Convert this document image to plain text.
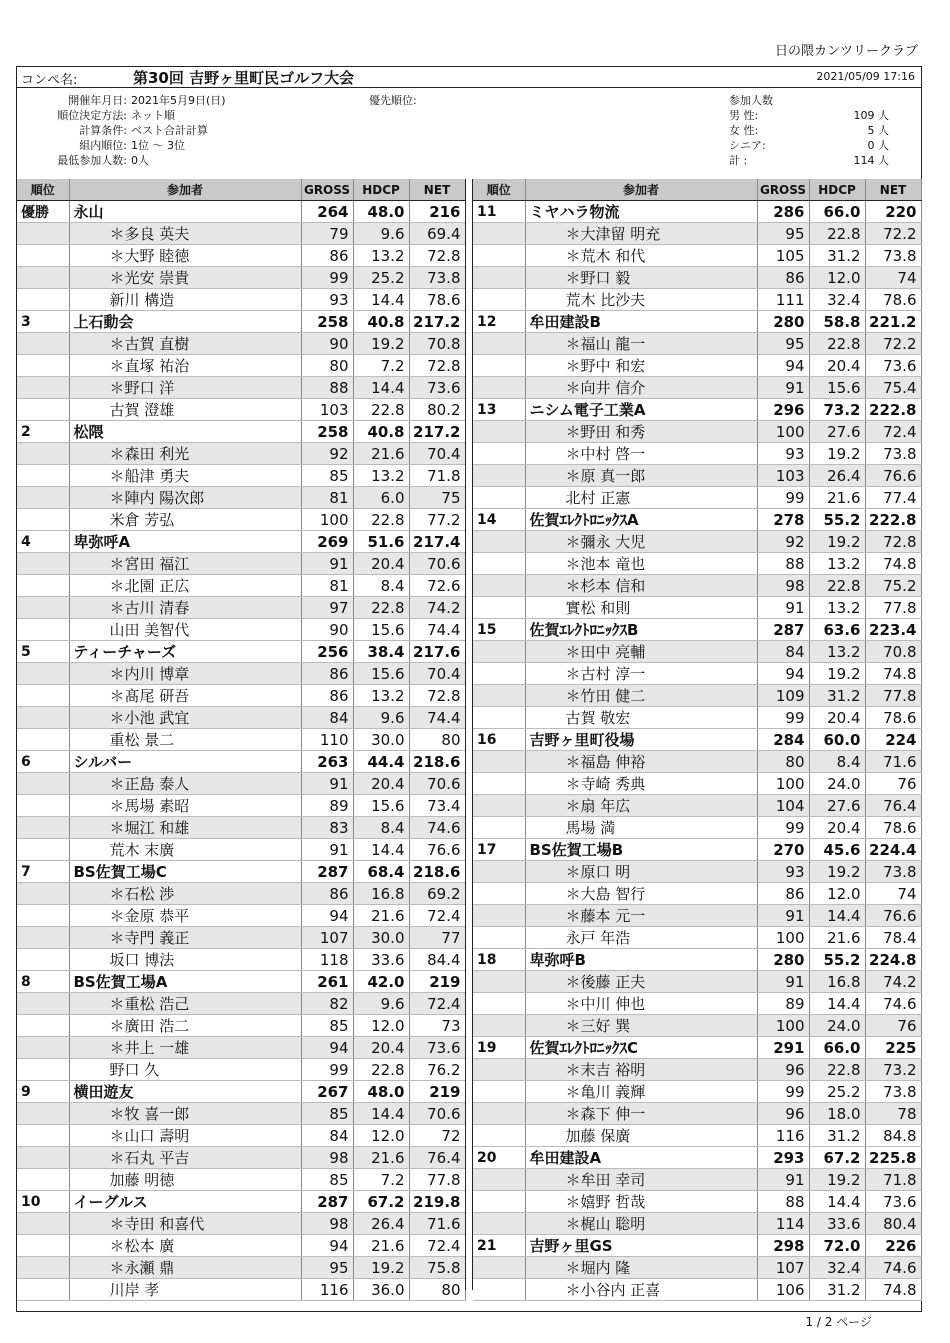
日の隈カンツリークラブ
コンペ名:	第30回 吉野ヶ里町民ゴルフ大会	2021/05/09 17:16
開催年月日: 2021年5月9日(日)
順位決定方法: ネット順
計算条件: ベスト合計計算
組内順位: 1位 ～ 3位
最低参加人数: 0人
優先順位:	参加人数
男 性:	109 人
女 性:	5 人
シニア:	0 人
計 :	114 人
順位	参加者	GROSS	HDCP	NET
優勝	永山	264	48.0	216
	＊多良 英夫	79	9.6	69.4
	＊大野 睦徳	86	13.2	72.8
	＊光安 崇貴	99	25.2	73.8
	新川 構造	93	14.4	78.6
3	上石動会	258	40.8	217.2
	＊古賀 直樹	90	19.2	70.8
	＊直塚 祐治	80	7.2	72.8
	＊野口 洋	88	14.4	73.6
	古賀 澄雄	103	22.8	80.2
2	松隈	258	40.8	217.2
	＊森田 利光	92	21.6	70.4
	＊船津 勇夫	85	13.2	71.8
	＊陣内 陽次郎	81	6.0	75
	米倉 芳弘	100	22.8	77.2
4	卑弥呼A	269	51.6	217.4
	＊宮田 福江	91	20.4	70.6
	＊北園 正広	81	8.4	72.6
	＊古川 清春	97	22.8	74.2
	山田 美智代	90	15.6	74.4
5	ティーチャーズ	256	38.4	217.6
	＊内川 博章	86	15.6	70.4
	＊髙尾 研吾	86	13.2	72.8
	＊小池 武宜	84	9.6	74.4
	重松 景二	110	30.0	80
6	シルバー	263	44.4	218.6
	＊正島 泰人	91	20.4	70.6
	＊馬場 素昭	89	15.6	73.4
	＊堀江 和雄	83	8.4	74.6
	荒木 末廣	91	14.4	76.6
7	BS佐賀工場C	287	68.4	218.6
	＊石松 渉	86	16.8	69.2
	＊金原 恭平	94	21.6	72.4
	＊寺門 義正	107	30.0	77
	坂口 博法	118	33.6	84.4
8	BS佐賀工場A	261	42.0	219
	＊重松 浩己	82	9.6	72.4
	＊廣田 浩二	85	12.0	73
	＊井上 一雄	94	20.4	73.6
	野口 久	99	22.8	76.2
9	横田遊友	267	48.0	219
	＊牧 喜一郎	85	14.4	70.6
	＊山口 壽明	84	12.0	72
	＊石丸 平吉	98	21.6	76.4
	加藤 明徳	85	7.2	77.8
10	イーグルス	287	67.2	219.8
	＊寺田 和喜代	98	26.4	71.6
	＊松本 廣	94	21.6	72.4
	＊永瀬 鼎	95	19.2	75.8
	川岸 孝	116	36.0	80
順位	参加者	GROSS	HDCP	NET
11	ミヤハラ物流	286	66.0	220
	＊大津留 明充	95	22.8	72.2
	＊荒木 和代	105	31.2	73.8
	＊野口 毅	86	12.0	74
	荒木 比沙夫	111	32.4	78.6
12	牟田建設B	280	58.8	221.2
	＊福山 龍一	95	22.8	72.2
	＊野中 和宏	94	20.4	73.6
	＊向井 信介	91	15.6	75.4
13	ニシム電子工業A	296	73.2	222.8
	＊野田 和秀	100	27.6	72.4
	＊中村 啓一	93	19.2	73.8
	＊原 真一郎	103	26.4	76.6
	北村 正憲	99	21.6	77.4
14	佐賀ｴﾚｸﾄﾛﾆｯｸｽA	278	55.2	222.8
	＊彌永 大児	92	19.2	72.8
	＊池本 竜也	88	13.2	74.8
	＊杉本 信和	98	22.8	75.2
	實松 和則	91	13.2	77.8
15	佐賀ｴﾚｸﾄﾛﾆｯｸｽB	287	63.6	223.4
	＊田中 亮輔	84	13.2	70.8
	＊古村 淳一	94	19.2	74.8
	＊竹田 健二	109	31.2	77.8
	古賀 敬宏	99	20.4	78.6
16	吉野ヶ里町役場	284	60.0	224
	＊福島 伸裕	80	8.4	71.6
	＊寺崎 秀典	100	24.0	76
	＊扇 年広	104	27.6	76.4
	馬場 満	99	20.4	78.6
17	BS佐賀工場B	270	45.6	224.4
	＊原口 明	93	19.2	73.8
	＊大島 智行	86	12.0	74
	＊藤本 元一	91	14.4	76.6
	永戸 年浩	100	21.6	78.4
18	卑弥呼B	280	55.2	224.8
	＊後藤 正夫	91	16.8	74.2
	＊中川 伸也	89	14.4	74.6
	＊三好 巽	100	24.0	76
19	佐賀ｴﾚｸﾄﾛﾆｯｸｽC	291	66.0	225
	＊末吉 裕明	96	22.8	73.2
	＊亀川 義輝	99	25.2	73.8
	＊森下 伸一	96	18.0	78
	加藤 保廣	116	31.2	84.8
20	牟田建設A	293	67.2	225.8
	＊牟田 幸司	91	19.2	71.8
	＊嬉野 哲哉	88	14.4	73.6
	＊梶山 聡明	114	33.6	80.4
21	吉野ヶ里GS	298	72.0	226
	＊堀内 隆	107	32.4	74.6
	＊小谷内 正喜	106	31.2	74.8
1 / 2 ページ
